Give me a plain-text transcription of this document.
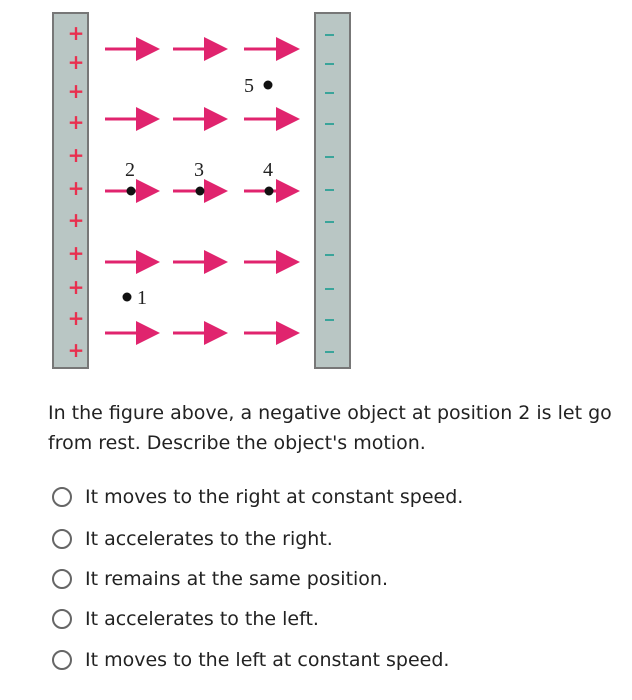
+
+
+
+
+
+
+
+
+
+
+
1
2	3	4
5
In the figure above, a negative object at position 2 is let go from rest. Describe the object's motion.
It moves to the right at constant speed.
It accelerates to the right.
It remains at the same position.
It accelerates to the left.
It moves to the left at constant speed.
